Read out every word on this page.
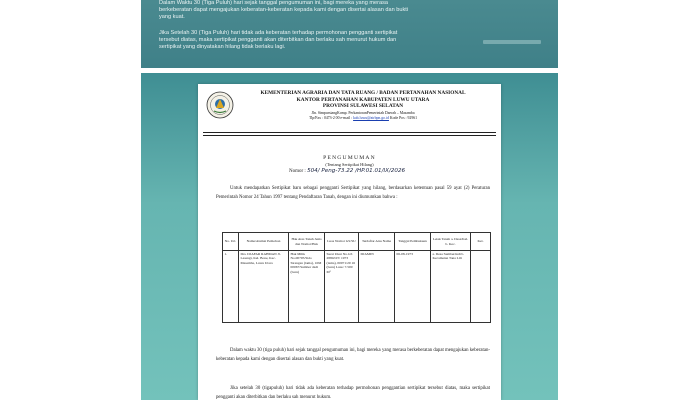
Dalam Waktu 30 (Tiga Puluh) hari sejak tanggal pengumuman ini, bagi mereka yang merasa berkeberatan dapat mengajukan keberatan-keberatan kepada kami dengan disertai alasan dan bukti yang kuat.

Jika Setelah 30 (Tiga Puluh) hari tidak ada keberatan terhadap permohonan pengganti sertipikat tersebut diatas, maka sertipikat pengganti akan diterbitkan dan berlaku sah menurut hukum dan sertipikat yang dinyatakan hilang tidak berlaku lagi.

KEMENTERIAN AGRARIA DAN TATA RUANG / BADAN PERTANAHAN NASIONAL
KANTOR PERTANAHAN KABUPATEN LUWU UTARA
PROVINSI SULAWESI SELATAN
Jln. SimpursiangKomp. PerkantoranPemerintah Daerah – Masamba
Tlp/Fax : 0473-2 00 e-mail : kab.luwu@atrbpn.go.id Kode Pos : 92961
PENGUMUMAN
(Tentang Sertipikat Hilang)
Nomor : 504/ Peng-73.22 /HP.01.01/IX/2026

Untuk mendapatkan Sertipikat baru sebagai pengganti Sertipikat yang hilang, berdasarkan ketentuan pasal 59 ayat (2) Peraturan Pemerintah Nomor 24 Tahun 1997 tentang Pendaftaran Tanah, dengan ini diumumkan bahwa :

No. Urt.	Nama/Alamat Pemohon	Hak Atas Tanah Jenis dan Nomor/Hak	Luas Nomor GS/SU	Terdaftar Atas Nama	Tanggal Pembukuan	Letak Tanah a. Desa/Kel. b. Kec.	Ket.
1.	Drs. DJAFAR RAHMAN Jl. Lasangi, Kel. Bone, Kec. Masamba, Luwu Utara	Hak Milik No.00705/Sido Sirangan (lama), 10M 00067/Sumber dadi (baru)	Surat Ukur No.GS 2880/OT/ 1973 (lama), 00071/20 16 (baru) Luas: 7.500 M²	DJAMIN	06-08-1973	a. Desa Sumberdadi b. Kecamatan Tana Lili	

Dalam waktu 30 (tiga puluh) hari sejak tanggal pengumuman ini, bagi mereka yang merasa berkeberatan dapat mengajukan keberatan-keberatan kepada kami dengan disertai alasan dan bukti yang kuat.

Jika setelah 30 (tigapuluh) hari tidak ada keberatan terhadap permohonan penggantian sertipikat tersebut diatas, maka sertipikat pengganti akan diterbitkan dan berlaku sah menurut hukum.
